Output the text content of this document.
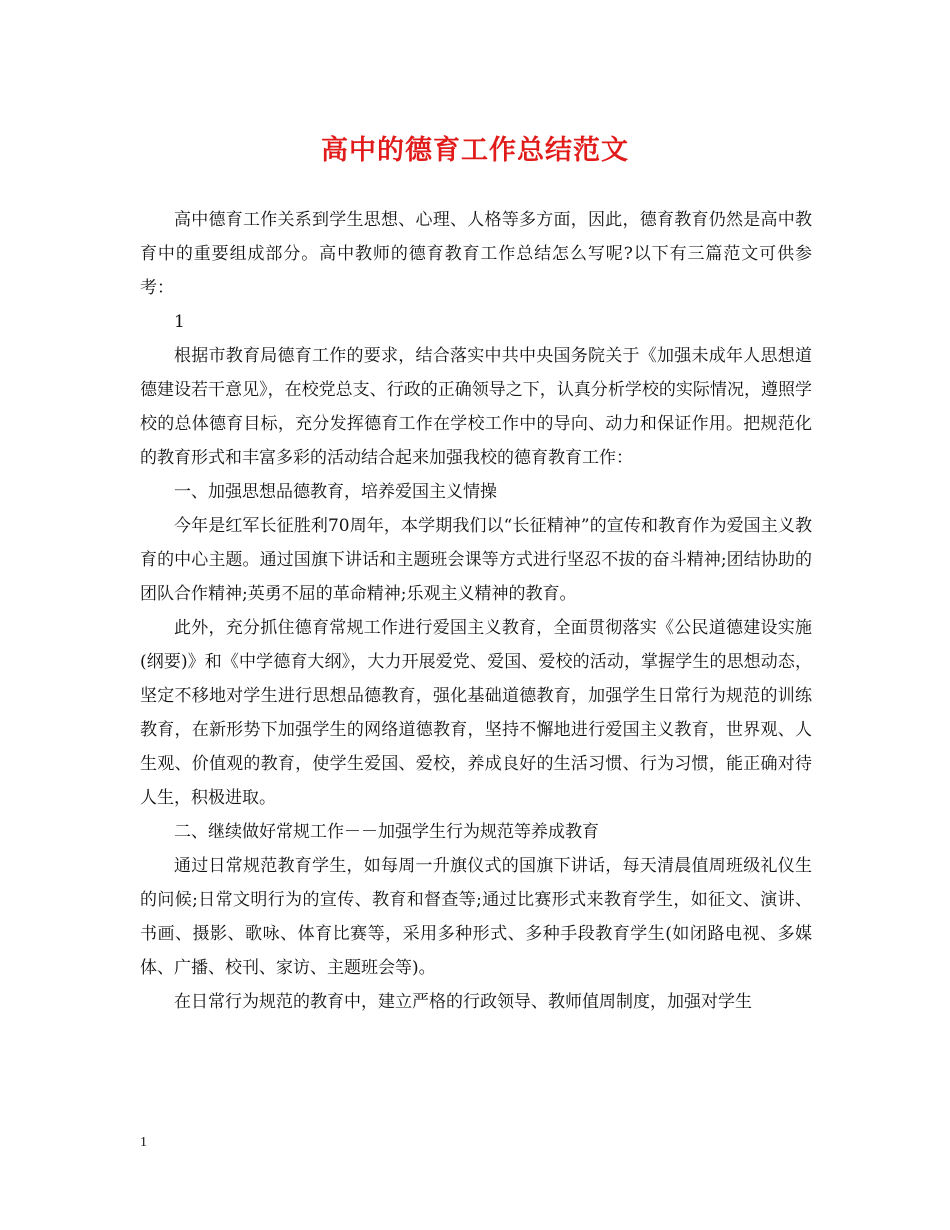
高中的德育工作总结范文

高中德育工作关系到学生思想、心理、人格等多方面，因此，德育教育仍然是高中教育中的重要组成部分。高中教师的德育教育工作总结怎么写呢?以下有三篇范文可供参考：

1

根据市教育局德育工作的要求，结合落实中共中央国务院关于《加强未成年人思想道德建设若干意见》，在校党总支、行政的正确领导之下，认真分析学校的实际情况，遵照学校的总体德育目标，充分发挥德育工作在学校工作中的导向、动力和保证作用。把规范化的教育形式和丰富多彩的活动结合起来加强我校的德育教育工作：

一、加强思想品德教育，培养爱国主义情操

今年是红军长征胜利70周年，本学期我们以“长征精神”的宣传和教育作为爱国主义教育的中心主题。通过国旗下讲话和主题班会课等方式进行坚忍不拔的奋斗精神;团结协助的团队合作精神;英勇不屈的革命精神;乐观主义精神的教育。

此外，充分抓住德育常规工作进行爱国主义教育，全面贯彻落实《公民道德建设实施(纲要)》和《中学德育大纲》，大力开展爱党、爱国、爱校的活动，掌握学生的思想动态，坚定不移地对学生进行思想品德教育，强化基础道德教育，加强学生日常行为规范的训练教育，在新形势下加强学生的网络道德教育，坚持不懈地进行爱国主义教育，世界观、人生观、价值观的教育，使学生爱国、爱校，养成良好的生活习惯、行为习惯，能正确对待人生，积极进取。

二、继续做好常规工作－－加强学生行为规范等养成教育

通过日常规范教育学生，如每周一升旗仪式的国旗下讲话，每天清晨值周班级礼仪生的问候;日常文明行为的宣传、教育和督查等;通过比赛形式来教育学生，如征文、演讲、书画、摄影、歌咏、体育比赛等，采用多种形式、多种手段教育学生(如闭路电视、多媒体、广播、校刊、家访、主题班会等)。

在日常行为规范的教育中，建立严格的行政领导、教师值周制度，加强对学生

1
